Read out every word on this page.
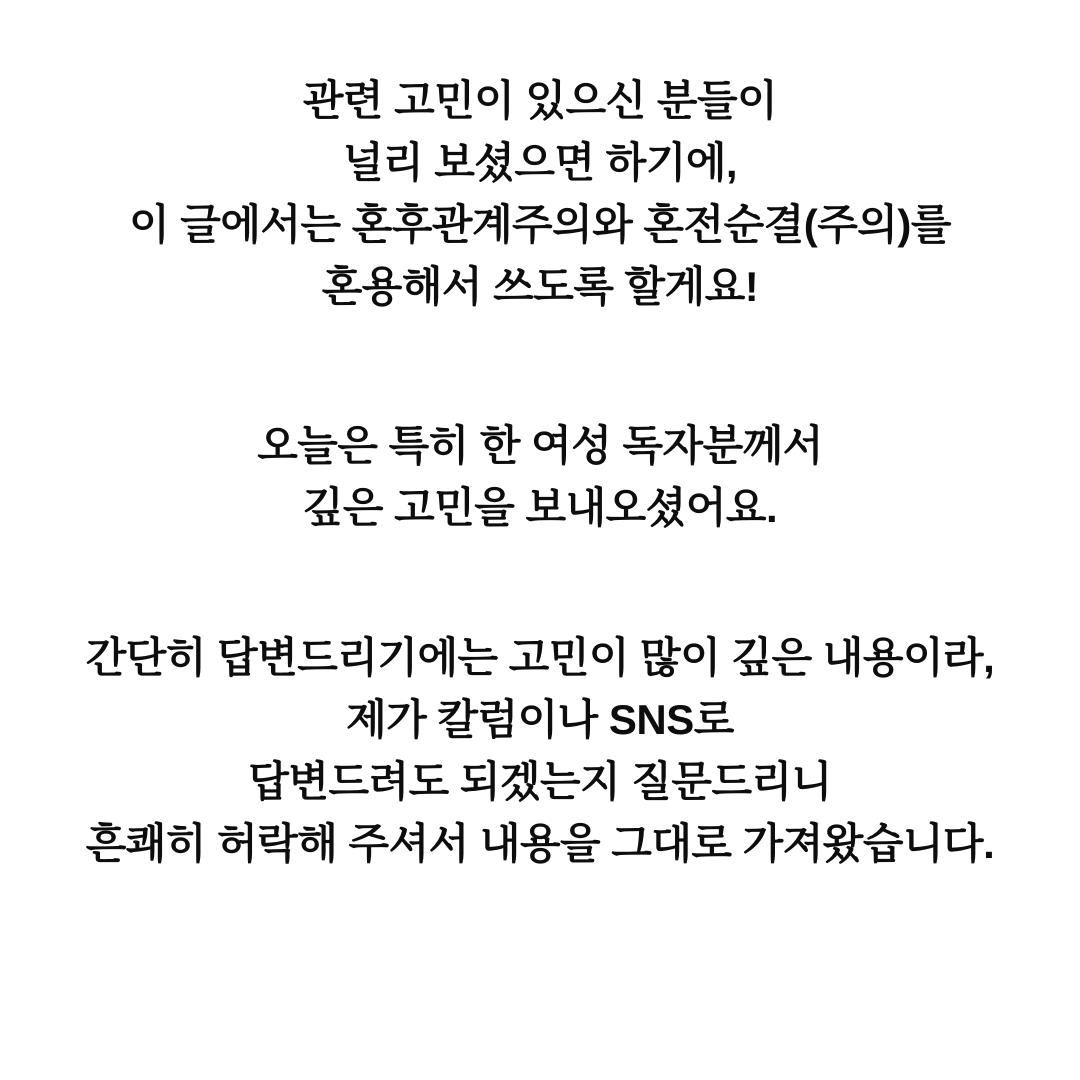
관련 고민이 있으신 분들이
널리 보셨으면 하기에,
이 글에서는 혼후관계주의와 혼전순결(주의)를
혼용해서 쓰도록 할게요!
오늘은 특히 한 여성 독자분께서
깊은 고민을 보내오셨어요.
간단히 답변드리기에는 고민이 많이 깊은 내용이라,
제가 칼럼이나 SNS로
답변드려도 되겠는지 질문드리니
흔쾌히 허락해 주셔서 내용을 그대로 가져왔습니다.
